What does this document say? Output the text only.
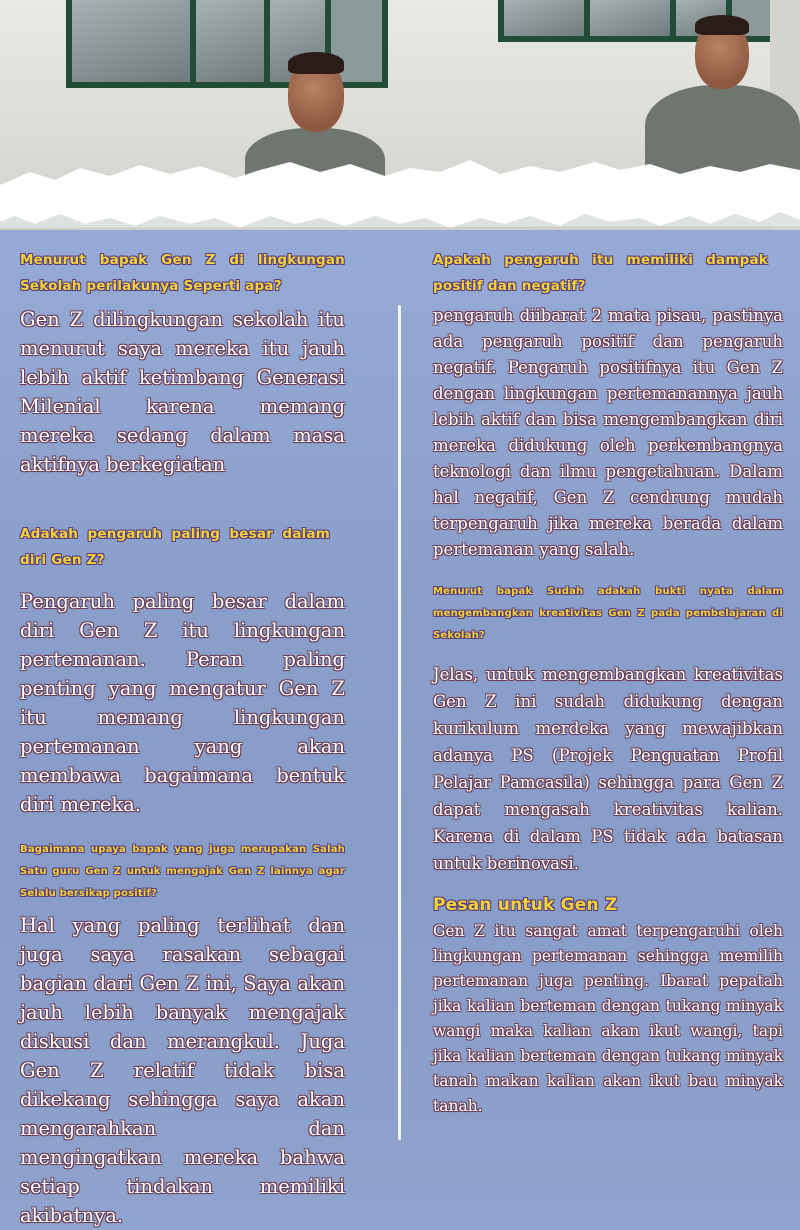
Menurut bapak Gen Z di lingkungan Sekolah perilakunya Seperti apa?

Gen Z dilingkungan sekolah itu menurut saya mereka itu jauh lebih aktif ketimbang Generasi Milenial karena memang mereka sedang dalam masa aktifnya berkegiatan

Adakah pengaruh paling besar dalam diri Gen Z?

Pengaruh paling besar dalam diri Gen Z itu lingkungan pertemanan. Peran paling penting yang mengatur Gen Z itu memang lingkungan pertemanan yang akan membawa bagaimana bentuk diri mereka.

Bagaimana upaya bapak yang juga merupakan Salah Satu guru Gen Z untuk mengajak Gen Z lainnya agar Selalu bersikap positif?

Hal yang paling terlihat dan juga saya rasakan sebagai bagian dari Gen Z ini, Saya akan jauh lebih banyak mengajak diskusi dan merangkul. Juga Gen Z relatif tidak bisa dikekang sehingga saya akan mengarahkan dan mengingatkan mereka bahwa setiap tindakan memiliki akibatnya.

Apakah pengaruh itu memiliki dampak positif dan negatif?

pengaruh diibarat 2 mata pisau, pastinya ada pengaruh positif dan pengaruh negatif. Pengaruh positifnya itu Gen Z dengan lingkungan pertemanannya jauh lebih aktif dan bisa mengembangkan diri mereka didukung oleh perkembangnya teknologi dan ilmu pengetahuan. Dalam hal negatif, Gen Z cendrung mudah terpengaruh jika mereka berada dalam pertemanan yang salah.

Menurut bapak Sudah adakah bukti nyata dalam mengembangkan kreativitas Gen Z pada pembelajaran di Sekolah?

Jelas, untuk mengembangkan kreativitas Gen Z ini sudah didukung dengan kurikulum merdeka yang mewajibkan adanya PS (Projek Penguatan Profil Pelajar Pamcasila) sehingga para Gen Z dapat mengasah kreativitas kalian. Karena di dalam PS tidak ada batasan untuk berinovasi.

Pesan untuk Gen Z

Gen Z itu sangat amat terpengaruhi oleh lingkungan pertemanan sehingga memilih pertemanan juga penting. Ibarat pepatah jika kalian berteman dengan tukang minyak wangi maka kalian akan ikut wangi, tapi jika kalian berteman dengan tukang minyak tanah makan kalian akan ikut bau minyak tanah.
